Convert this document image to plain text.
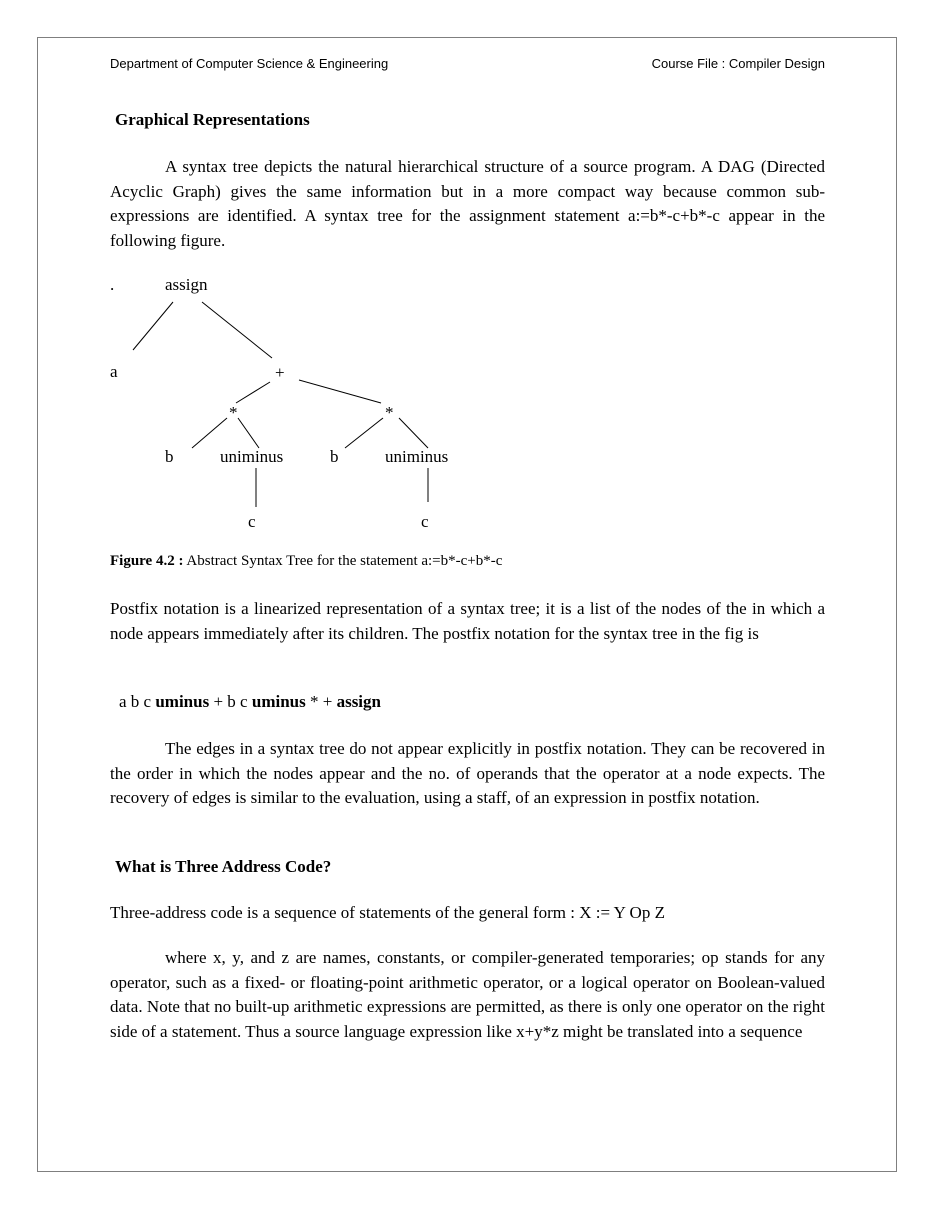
Department of Computer Science & Engineering	Course File : Compiler Design
Graphical Representations

A syntax tree depicts the natural hierarchical structure of a source program. A DAG (Directed Acyclic Graph) gives the same information but in a more compact way because common sub-expressions are identified. A syntax tree for the assignment statement a:=b*-c+b*-c appear in the following figure.

.	assign
a	+
*	*
b	uniminus	b	uniminus
c	c
Figure 4.2 : Abstract Syntax Tree for the statement a:=b*-c+b*-c

Postfix notation is a linearized representation of a syntax tree; it is a list of the nodes of the in which a node appears immediately after its children. The postfix notation for the syntax tree in the fig is

a b c uminus + b c uminus * + assign

The edges in a syntax tree do not appear explicitly in postfix notation. They can be recovered in the order in which the nodes appear and the no. of operands that the operator at a node expects. The recovery of edges is similar to the evaluation, using a staff, of an expression in postfix notation.

What is Three Address Code?
Three-address code is a sequence of statements of the general form : X := Y Op Z

where x, y, and z are names, constants, or compiler-generated temporaries; op stands for any operator, such as a fixed- or floating-point arithmetic operator, or a logical operator on Boolean-valued data. Note that no built-up arithmetic expressions are permitted, as there is only one operator on the right side of a statement. Thus a source language expression like x+y*z might be translated into a sequence
